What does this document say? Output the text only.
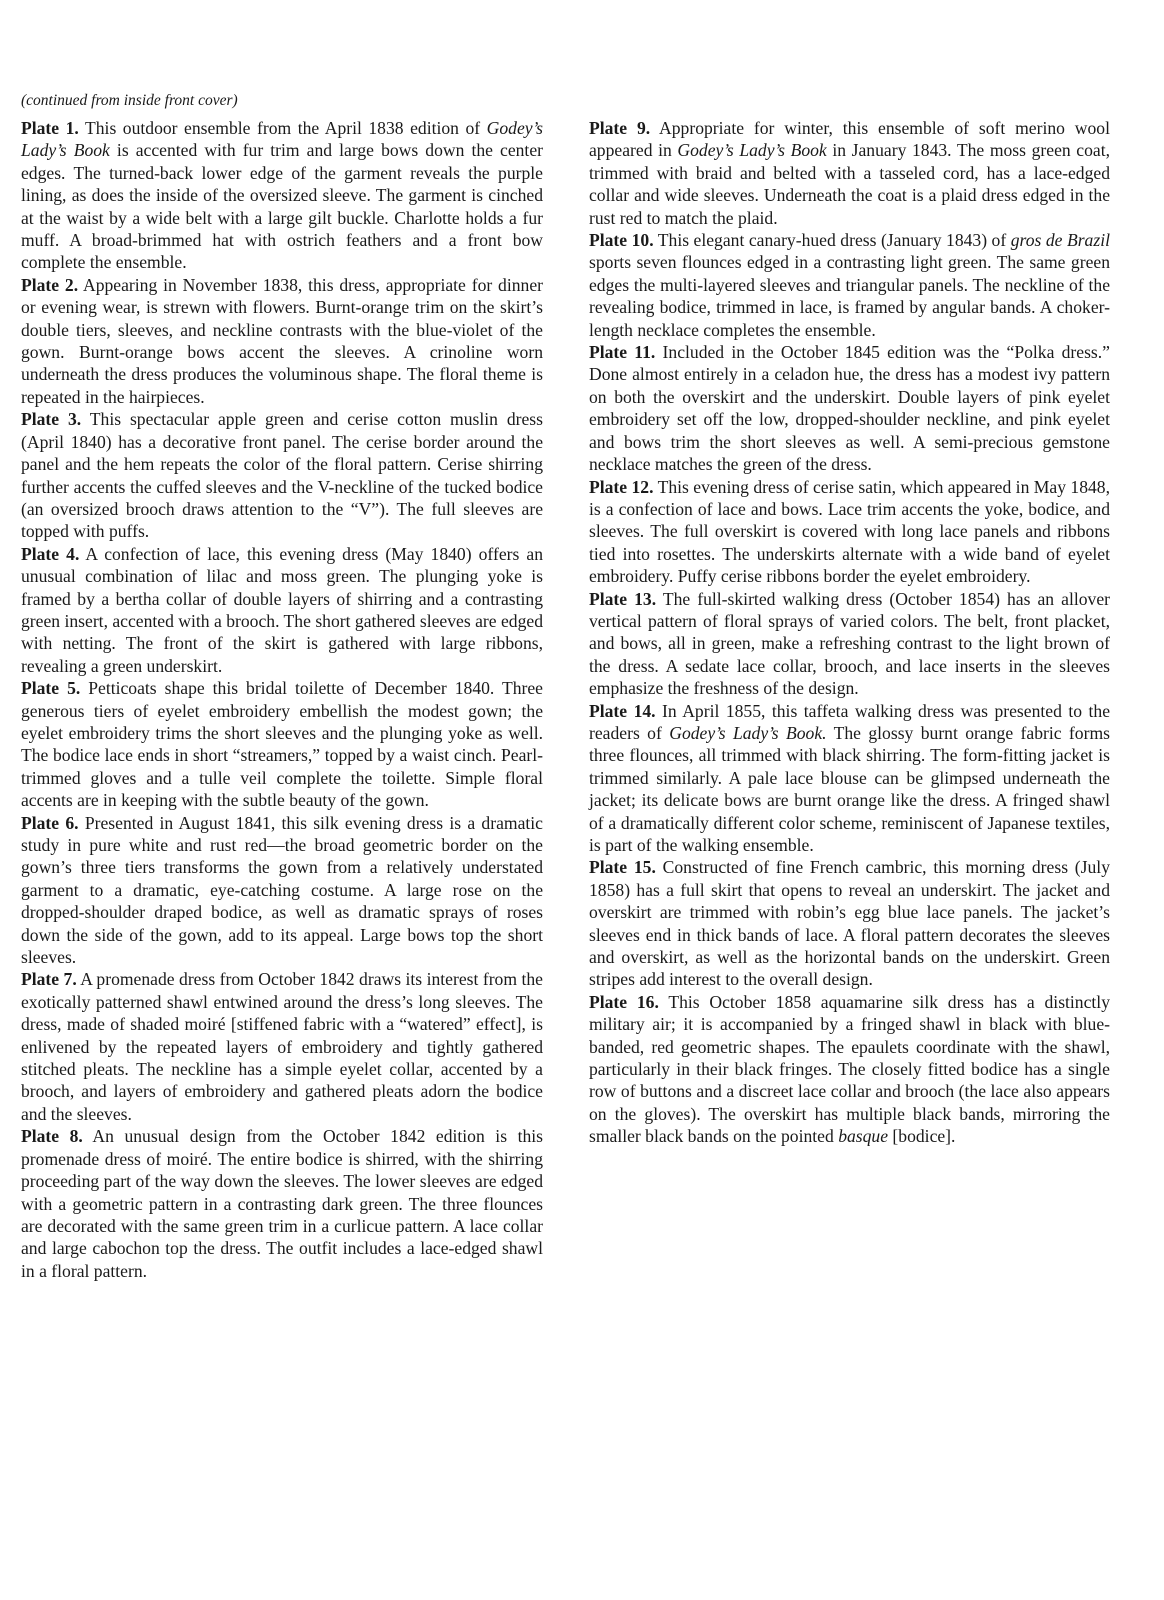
(continued from inside front cover)

Plate 1. This outdoor ensemble from the April 1838 edition of Godey’s Lady’s Book is accented with fur trim and large bows down the center edges. The turned-back lower edge of the garment reveals the purple lining, as does the inside of the oversized sleeve. The garment is cinched at the waist by a wide belt with a large gilt buckle. Charlotte holds a fur muff. A broad-brimmed hat with ostrich feathers and a front bow complete the ensemble.

Plate 2. Appearing in November 1838, this dress, appropriate for dinner or evening wear, is strewn with flowers. Burnt-orange trim on the skirt’s double tiers, sleeves, and neckline contrasts with the blue-violet of the gown. Burnt-orange bows accent the sleeves. A crinoline worn underneath the dress produces the voluminous shape. The floral theme is repeated in the hairpieces.

Plate 3. This spectacular apple green and cerise cotton muslin dress (April 1840) has a decorative front panel. The cerise border around the panel and the hem repeats the color of the floral pattern. Cerise shirring further accents the cuffed sleeves and the V-neckline of the tucked bodice (an oversized brooch draws attention to the “V”). The full sleeves are topped with puffs.

Plate 4. A confection of lace, this evening dress (May 1840) offers an unusual combination of lilac and moss green. The plunging yoke is framed by a bertha collar of double layers of shirring and a contrasting green insert, accented with a brooch. The short gathered sleeves are edged with netting. The front of the skirt is gathered with large ribbons, revealing a green underskirt.

Plate 5. Petticoats shape this bridal toilette of December 1840. Three generous tiers of eyelet embroidery embellish the modest gown; the eyelet embroidery trims the short sleeves and the plunging yoke as well. The bodice lace ends in short “streamers,” topped by a waist cinch. Pearl-trimmed gloves and a tulle veil complete the toilette. Simple floral accents are in keeping with the subtle beauty of the gown.

Plate 6. Presented in August 1841, this silk evening dress is a dramatic study in pure white and rust red—the broad geometric border on the gown’s three tiers transforms the gown from a relatively understated garment to a dramatic, eye-catching costume. A large rose on the dropped-shoulder draped bodice, as well as dramatic sprays of roses down the side of the gown, add to its appeal. Large bows top the short sleeves.

Plate 7. A promenade dress from October 1842 draws its interest from the exotically patterned shawl entwined around the dress’s long sleeves. The dress, made of shaded moiré [stiffened fabric with a “watered” effect], is enlivened by the repeated layers of embroidery and tightly gathered stitched pleats. The neckline has a simple eyelet collar, accented by a brooch, and layers of embroidery and gathered pleats adorn the bodice and the sleeves.

Plate 8. An unusual design from the October 1842 edition is this promenade dress of moiré. The entire bodice is shirred, with the shirring proceeding part of the way down the sleeves. The lower sleeves are edged with a geometric pattern in a contrasting dark green. The three flounces are decorated with the same green trim in a curlicue pattern. A lace collar and large cabochon top the dress. The outfit includes a lace-edged shawl in a floral pattern.

Plate 9. Appropriate for winter, this ensemble of soft merino wool appeared in Godey’s Lady’s Book in January 1843. The moss green coat, trimmed with braid and belted with a tasseled cord, has a lace-edged collar and wide sleeves. Underneath the coat is a plaid dress edged in the rust red to match the plaid.

Plate 10. This elegant canary-hued dress (January 1843) of gros de Brazil sports seven flounces edged in a contrasting light green. The same green edges the multi-layered sleeves and triangular panels. The neckline of the revealing bodice, trimmed in lace, is framed by angular bands. A choker-length necklace completes the ensemble.

Plate 11. Included in the October 1845 edition was the “Polka dress.” Done almost entirely in a celadon hue, the dress has a modest ivy pattern on both the overskirt and the underskirt. Double layers of pink eyelet embroidery set off the low, dropped-shoulder neckline, and pink eyelet and bows trim the short sleeves as well. A semi-precious gemstone necklace matches the green of the dress.

Plate 12. This evening dress of cerise satin, which appeared in May 1848, is a confection of lace and bows. Lace trim accents the yoke, bodice, and sleeves. The full overskirt is covered with long lace panels and ribbons tied into rosettes. The underskirts alternate with a wide band of eyelet embroidery. Puffy cerise ribbons border the eyelet embroidery.

Plate 13. The full-skirted walking dress (October 1854) has an allover vertical pattern of floral sprays of varied colors. The belt, front placket, and bows, all in green, make a refreshing contrast to the light brown of the dress. A sedate lace collar, brooch, and lace inserts in the sleeves emphasize the freshness of the design.

Plate 14. In April 1855, this taffeta walking dress was presented to the readers of Godey’s Lady’s Book. The glossy burnt orange fabric forms three flounces, all trimmed with black shirring. The form-fitting jacket is trimmed similarly. A pale lace blouse can be glimpsed underneath the jacket; its delicate bows are burnt orange like the dress. A fringed shawl of a dramatically different color scheme, reminiscent of Japanese textiles, is part of the walking ensemble.

Plate 15. Constructed of fine French cambric, this morning dress (July 1858) has a full skirt that opens to reveal an underskirt. The jacket and overskirt are trimmed with robin’s egg blue lace panels. The jacket’s sleeves end in thick bands of lace. A floral pattern decorates the sleeves and overskirt, as well as the horizontal bands on the underskirt. Green stripes add interest to the overall design.

Plate 16. This October 1858 aquamarine silk dress has a distinctly military air; it is accompanied by a fringed shawl in black with blue-banded, red geometric shapes. The epaulets coordinate with the shawl, particularly in their black fringes. The closely fitted bodice has a single row of buttons and a discreet lace collar and brooch (the lace also appears on the gloves). The overskirt has multiple black bands, mirroring the smaller black bands on the pointed basque [bodice].
